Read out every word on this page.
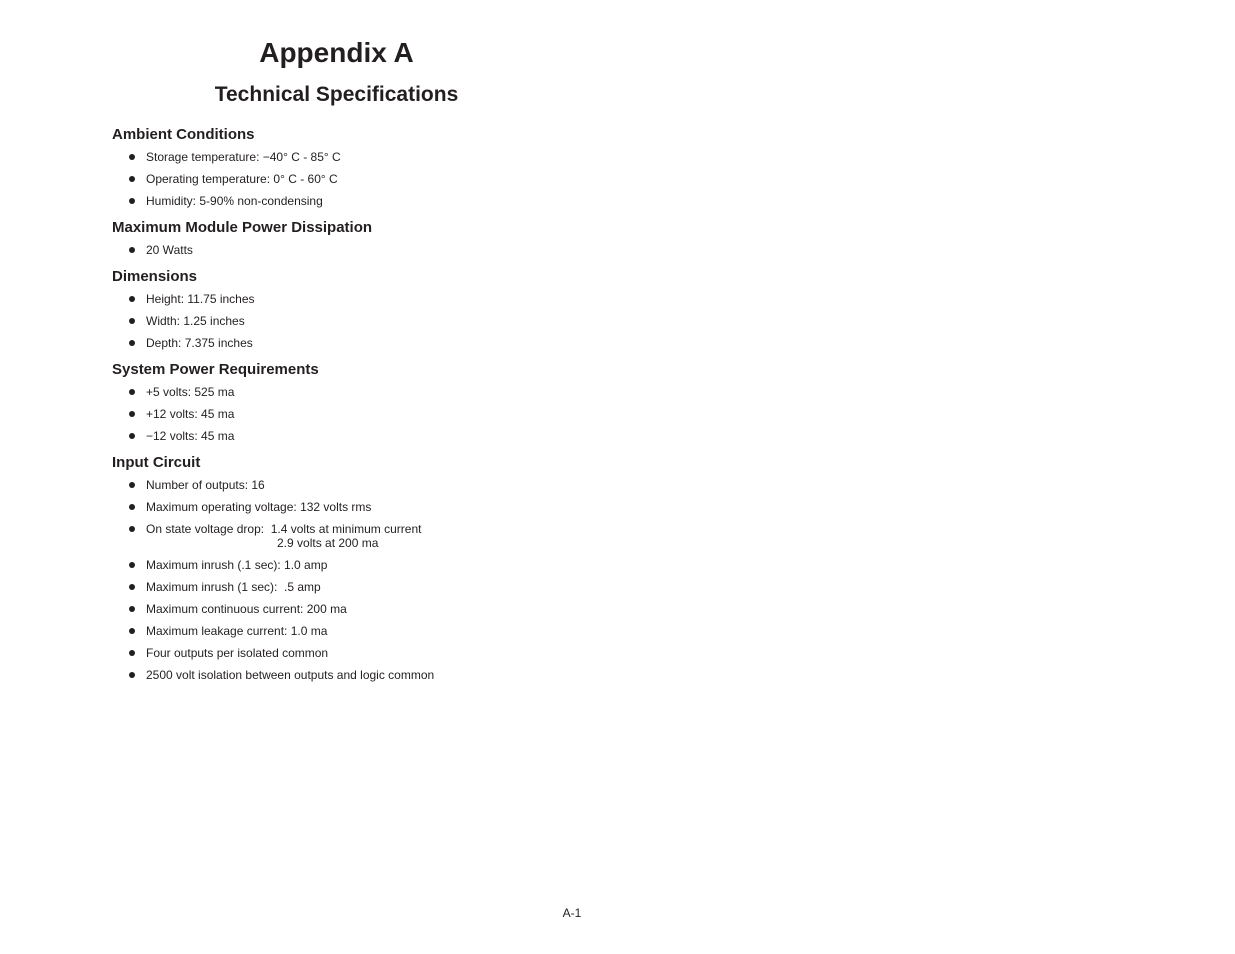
Appendix A
Technical Specifications
Ambient Conditions
Storage temperature: −40° C - 85° C
Operating temperature: 0° C - 60° C
Humidity: 5-90% non-condensing
Maximum Module Power Dissipation
20 Watts
Dimensions
Height: 11.75 inches
Width: 1.25 inches
Depth: 7.375 inches
System Power Requirements
+5 volts: 525 ma
+12 volts: 45 ma
−12 volts: 45 ma
Input Circuit
Number of outputs: 16
Maximum operating voltage: 132 volts rms
On state voltage drop:  1.4 volts at minimum current
2.9 volts at 200 ma
Maximum inrush (.1 sec): 1.0 amp
Maximum inrush (1 sec):  .5 amp
Maximum continuous current: 200 ma
Maximum leakage current: 1.0 ma
Four outputs per isolated common
2500 volt isolation between outputs and logic common
A-1
